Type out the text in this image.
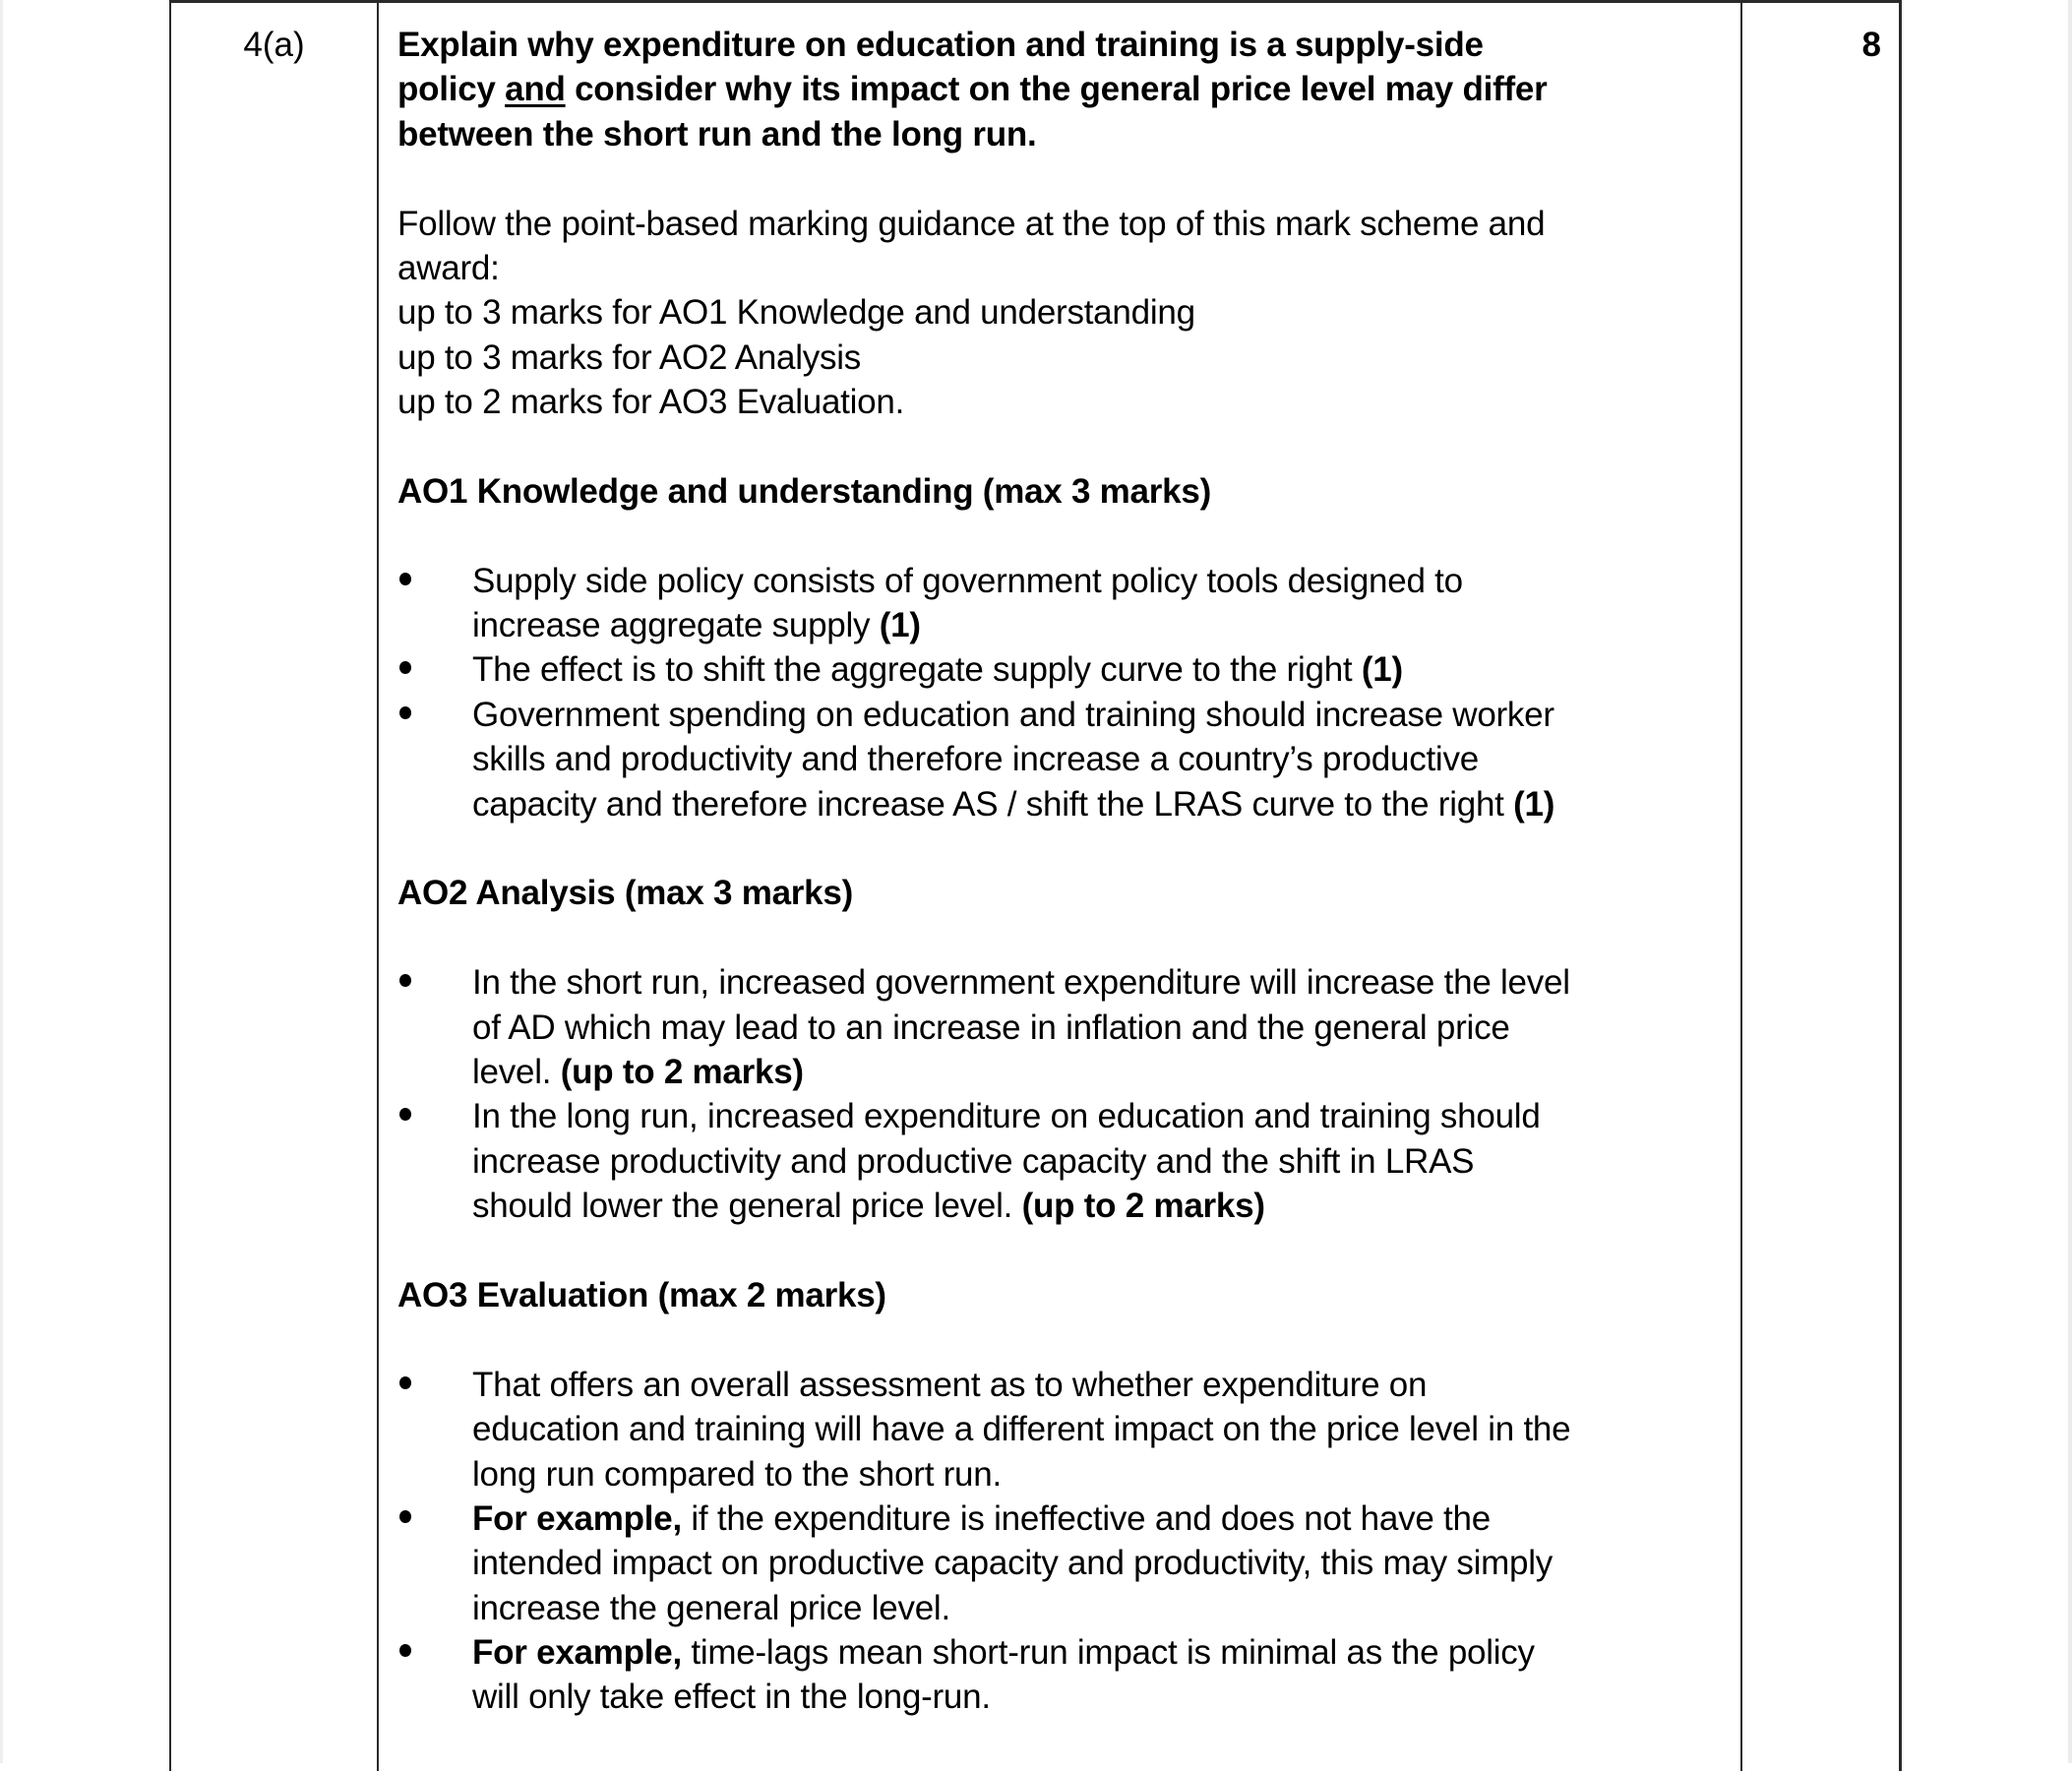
4(a)	8
Explain why expenditure on education and training is a supply-side
policy and consider why its impact on the general price level may differ
between the short run and the long run.
Follow the point-based marking guidance at the top of this mark scheme and
award:
up to 3 marks for AO1 Knowledge and understanding
up to 3 marks for AO2 Analysis
up to 2 marks for AO3 Evaluation.
AO1 Knowledge and understanding (max 3 marks)
Supply side policy consists of government policy tools designed to
increase aggregate supply (1)
The effect is to shift the aggregate supply curve to the right (1)
Government spending on education and training should increase worker
skills and productivity and therefore increase a country’s productive
capacity and therefore increase AS / shift the LRAS curve to the right (1)
AO2 Analysis (max 3 marks)
In the short run, increased government expenditure will increase the level
of AD which may lead to an increase in inflation and the general price
level. (up to 2 marks)
In the long run, increased expenditure on education and training should
increase productivity and productive capacity and the shift in LRAS
should lower the general price level. (up to 2 marks)
AO3 Evaluation (max 2 marks)
That offers an overall assessment as to whether expenditure on
education and training will have a different impact on the price level in the
long run compared to the short run.
For example, if the expenditure is ineffective and does not have the
intended impact on productive capacity and productivity, this may simply
increase the general price level.
For example, time-lags mean short-run impact is minimal as the policy
will only take effect in the long-run.
